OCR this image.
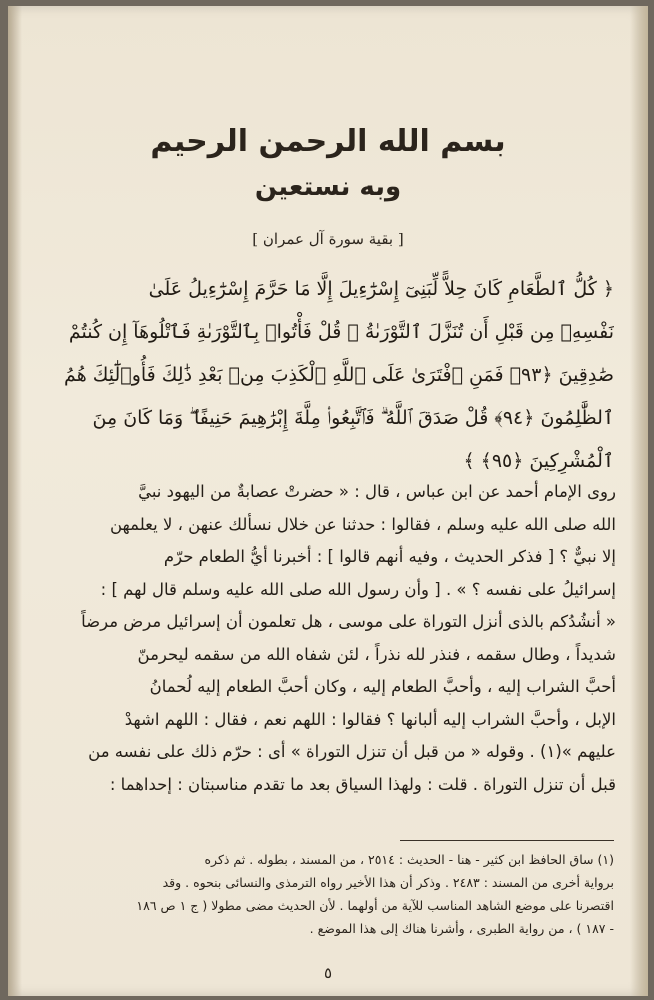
بسم الله الرحمن الرحيم
وبه نستعين
[ بقية سورة آل عمران ]
﴿ كُلُّ ٱلطَّعَامِ كَانَ حِلاًّ لِّبَنِىٓ إِسْرَٰٓءِيلَ إِلَّا مَا حَرَّمَ إِسْرَٰٓءِيلُ عَلَىٰ
نَفْسِهِۦ مِن قَبْلِ أَن تُنَزَّلَ ٱلتَّوْرَىٰةُ ۗ قُلْ فَأْتُوا۟ بِٱلتَّوْرَىٰةِ فَٱتْلُوهَآ إِن كُنتُمْ
صَٰدِقِينَ ﴿٩٣﴾ فَمَنِ ٱفْتَرَىٰ عَلَى ٱللَّهِ ٱلْكَذِبَ مِنۢ بَعْدِ ذَٰلِكَ فَأُو۟لَٰٓئِكَ هُمُ
ٱلظَّٰلِمُونَ ﴿٩٤﴾ قُلْ صَدَقَ ٱللَّهُ ۗ فَٱتَّبِعُوا۟ مِلَّةَ إِبْرَٰهِيمَ حَنِيفًا ۖ وَمَا كَانَ مِنَ
ٱلْمُشْرِكِينَ ﴿٩٥﴾ ﴾
روى الإمام أحمد عن ابن عباس ، قال : « حضرتْ عصابةٌ من اليهود نبيَّ
الله صلى الله عليه وسلم ، فقالوا : حدثنا عن خلال نسألك عنهن ، لا يعلمهن
إلا نبيٌّ ؟ [ فذكر الحديث ، وفيه أنهم قالوا ] : أخبرنا أيُّ الطعام حرّم
إسرائيلُ على نفسه ؟ » . [ وأن رسول الله صلى الله عليه وسلم قال لهم ] :
« أنشُدُكم بالذى أنزل التوراة على موسى ، هل تعلمون أن إسرائيل مرض مرضاً
شديداً ، وطال سقمه ، فنذر لله نذراً ، لئن شفاه الله من سقمه ليحرمنّ
أحبَّ الشراب إليه ، وأحبَّ الطعام إليه ، وكان أحبَّ الطعام إليه لُحمانُ
الإبل ، وأحبَّ الشراب إليه ألبانها ؟ فقالوا : اللهم نعم ، فقال : اللهم اشهدْ
عليهم »(١) . وقوله « من قبل أن تنزل التوراة » أى : حرّم ذلك على نفسه من
قبل أن تنزل التوراة . قلت : ولهذا السياق بعد ما تقدم مناسبتان : إحداهما :
(١) ساق الحافظ ابن كثير - هنا - الحديث : ٢٥١٤ ، من المسند ، بطوله . ثم ذكره
برواية أخرى من المسند : ٢٤٨٣ . وذكر أن هذا الأخير رواه الترمذى والنسائى بنحوه . وقد
اقتصرنا على موضع الشاهد المناسب للآية من أولهما . لأن الحديث مضى مطولا ( ج ١ ص ١٨٦
- ١٨٧ ) ، من رواية الطبرى ، وأشرنا هناك إلى هذا الموضع .
٥
